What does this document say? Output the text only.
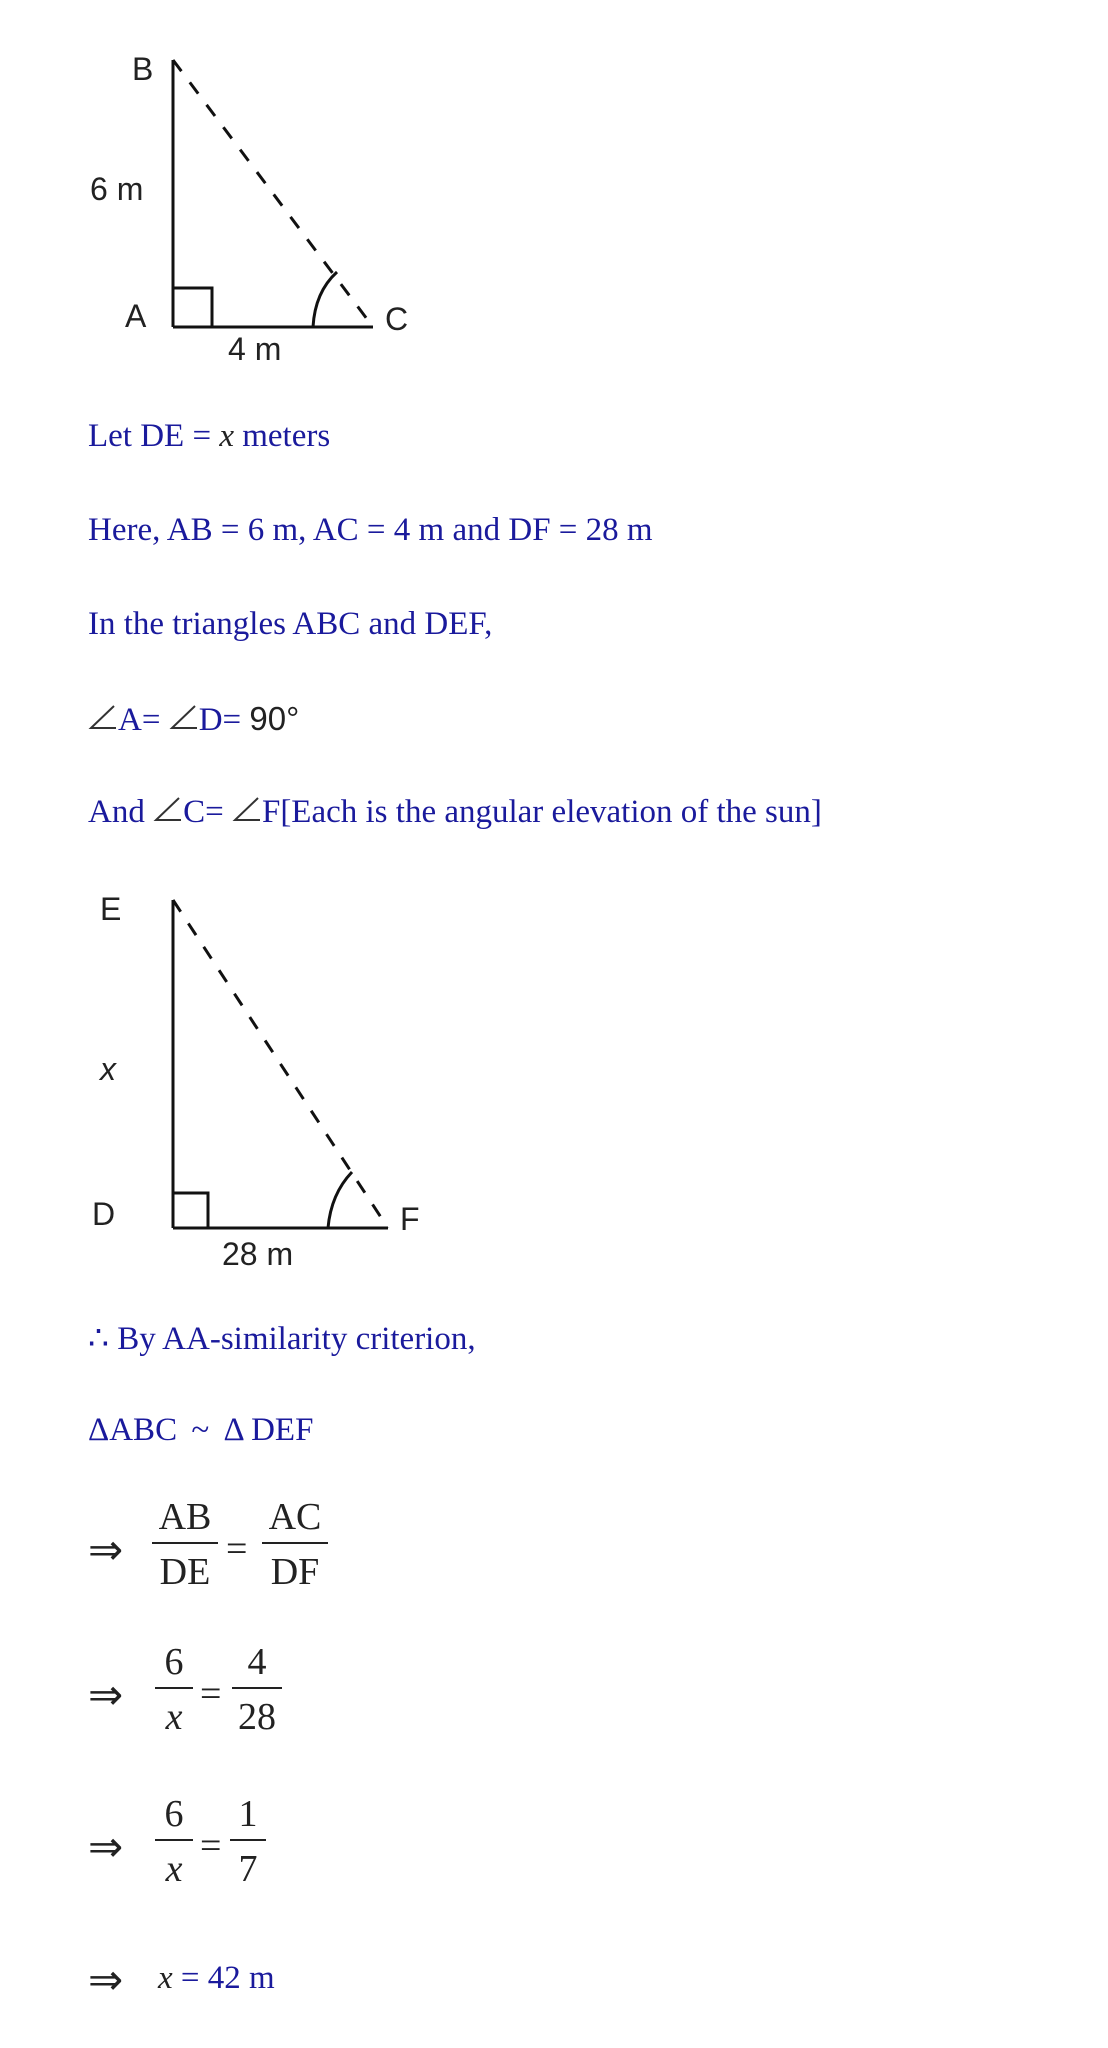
B
6 m
A	C
4 m
Let DE = x meters
Here, AB = 6 m, AC = 4 m and DF = 28 m
In the triangles ABC and DEF,
A= D= 90°
And C= F[Each is the angular elevation of the sun]
E
x
D	F
28 m
∴ By AA-similarity criterion,
ΔABC ~ Δ DEF
⇒
AB
DE
=
AC
DF
⇒
6
x
=
4
28
⇒
6
x
=
1
7
⇒ x = 42 m
